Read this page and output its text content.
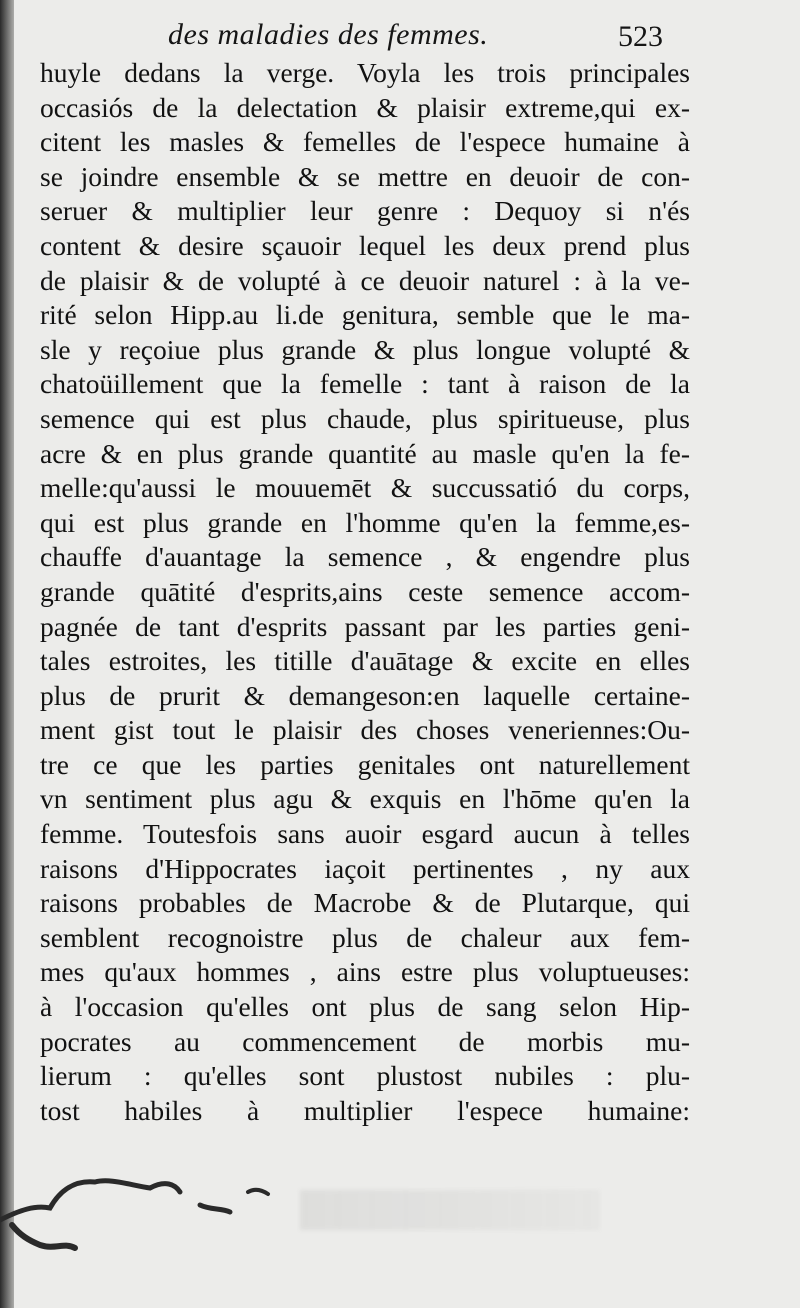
des maladies des femmes.	523
huyle dedans la verge. Voyla les trois principales
occasiós de la delectation & plaisir extreme,qui ex-
citent les masles & femelles de l'espece humaine à
se joindre ensemble & se mettre en deuoir de con-
seruer & multiplier leur genre : Dequoy si n'és
content & desire sçauoir lequel les deux prend plus
de plaisir & de volupté à ce deuoir naturel : à la ve-
rité selon Hipp.au li.de genitura, semble que le ma-
sle y reçoiue plus grande & plus longue volupté &
chatoüillement que la femelle : tant à raison de la
semence qui est plus chaude, plus spiritueuse, plus
acre & en plus grande quantité au masle qu'en la fe-
melle:qu'aussi le mouuemēt & succussatió du corps,
qui est plus grande en l'homme qu'en la femme,es-
chauffe d'auantage la semence , & engendre plus
grande quātité d'esprits,ains ceste semence accom-
pagnée de tant d'esprits passant par les parties geni-
tales estroites, les titille d'auātage & excite en elles
plus de prurit & demangeson:en laquelle certaine-
ment gist tout le plaisir des choses veneriennes:Ou-
tre ce que les parties genitales ont naturellement
vn sentiment plus agu & exquis en l'hōme qu'en la
femme. Toutesfois sans auoir esgard aucun à telles
raisons d'Hippocrates iaçoit pertinentes , ny aux
raisons probables de Macrobe & de Plutarque, qui
semblent recognoistre plus de chaleur aux fem-
mes qu'aux hommes , ains estre plus voluptueuses:
à l'occasion qu'elles ont plus de sang selon Hip-
pocrates au commencement de morbis mu-
lierum : qu'elles sont plustost nubiles : plu-
tost habiles à multiplier l'espece humaine:
